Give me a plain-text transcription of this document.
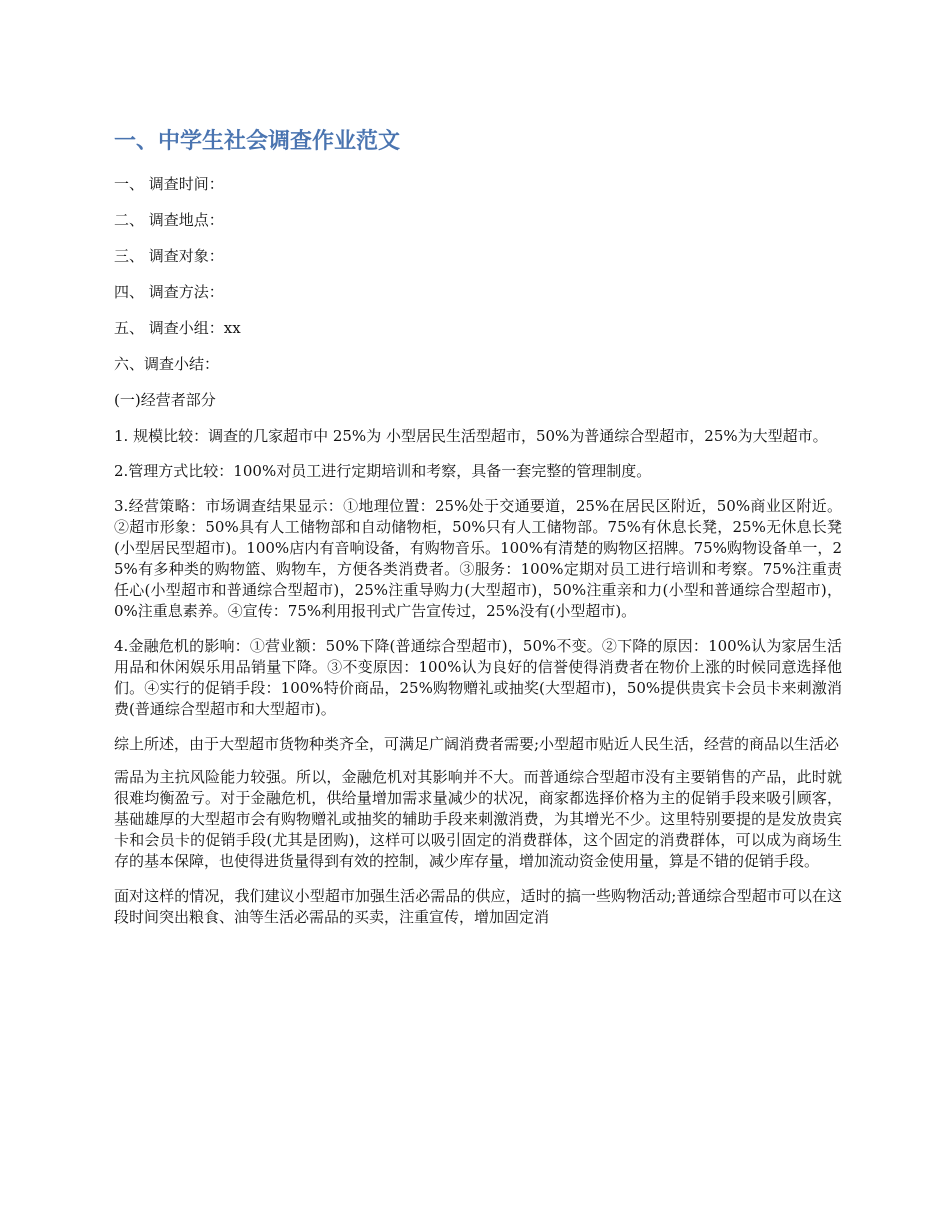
一、中学生社会调查作业范文
一、 调查时间：
二、 调查地点：
三、 调查对象：
四、 调查方法：
五、 调查小组：xx
六、调查小结：
(一)经营者部分

1. 规模比较：调查的几家超市中 25%为 小型居民生活型超市，50%为普通综合型超市，25%为大型超市。

2.管理方式比较：100%对员工进行定期培训和考察，具备一套完整的管理制度。

3.经营策略：市场调查结果显示：①地理位置：25%处于交通要道，25%在居民区附近，50%商业区附近。②超市形象：50%具有人工储物部和自动储物柜，50%只有人工储物部。75%有休息长凳，25%无休息长凳(小型居民型超市)。100%店内有音响设备，有购物音乐。100%有清楚的购物区招牌。75%购物设备单一，25%有多种类的购物篮、购物车，方便各类消费者。③服务：100%定期对员工进行培训和考察。75%注重责任心(小型超市和普通综合型超市)，25%注重导购力(大型超市)，50%注重亲和力(小型和普通综合型超市)，0%注重息素养。④宣传：75%利用报刊式广告宣传过，25%没有(小型超市)。

4.金融危机的影响：①营业额：50%下降(普通综合型超市)，50%不变。②下降的原因：100%认为家居生活用品和休闲娱乐用品销量下降。③不变原因：100%认为良好的信誉使得消费者在物价上涨的时候同意选择他们。④实行的促销手段：100%特价商品，25%购物赠礼或抽奖(大型超市)，50%提供贵宾卡会员卡来刺激消费(普通综合型超市和大型超市)。

综上所述，由于大型超市货物种类齐全，可满足广阔消费者需要;小型超市贴近人民生活，经营的商品以生活必

需品为主抗风险能力较强。所以，金融危机对其影响并不大。而普通综合型超市没有主要销售的产品，此时就很难均衡盈亏。对于金融危机，供给量增加需求量减少的状况，商家都选择价格为主的促销手段来吸引顾客，基础雄厚的大型超市会有购物赠礼或抽奖的辅助手段来刺激消费，为其增光不少。这里特别要提的是发放贵宾卡和会员卡的促销手段(尤其是团购)，这样可以吸引固定的消费群体，这个固定的消费群体，可以成为商场生存的基本保障，也使得进货量得到有效的控制，减少库存量，增加流动资金使用量，算是不错的促销手段。

面对这样的情况，我们建议小型超市加强生活必需品的供应，适时的搞一些购物活动;普通综合型超市可以在这段时间突出粮食、油等生活必需品的买卖，注重宣传，增加固定消
